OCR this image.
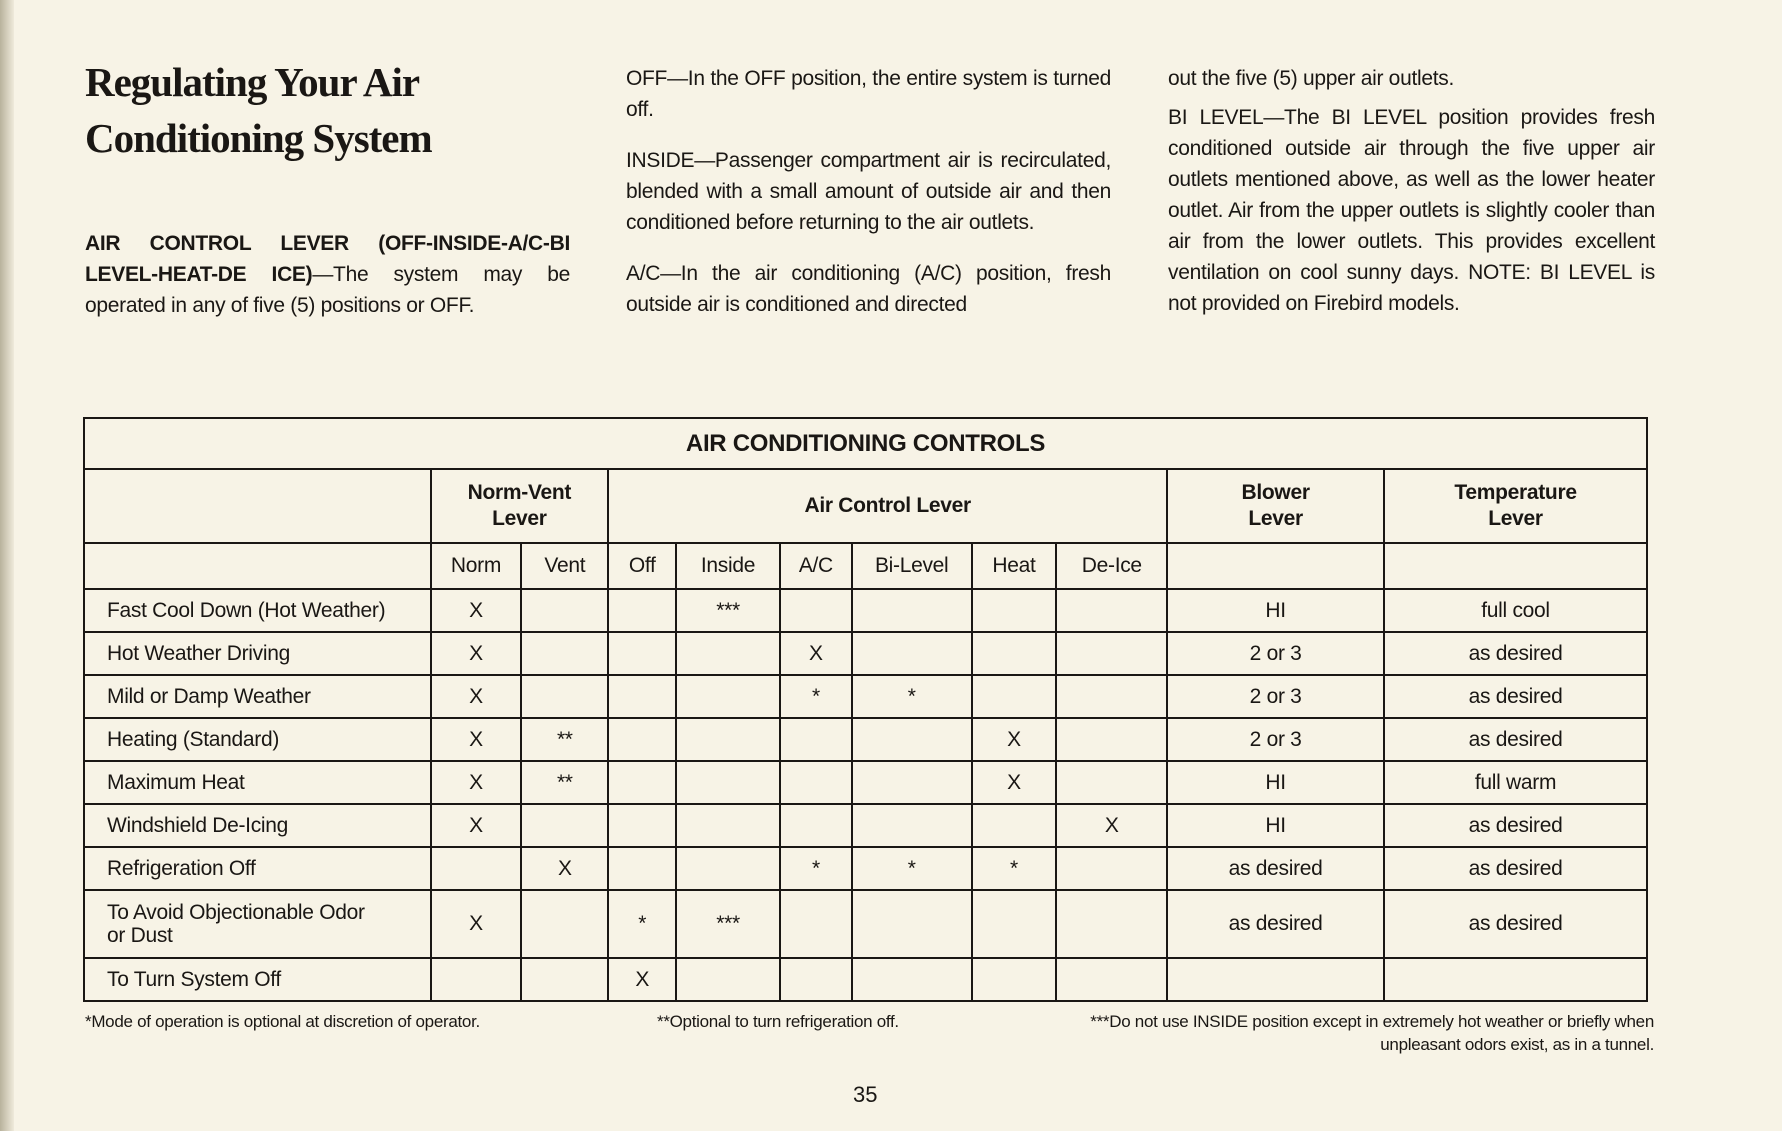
Regulating Your Air Conditioning System
AIR CONTROL LEVER (OFF-INSIDE-A/C-BI LEVEL-HEAT-DE ICE)—The system may be operated in any of five (5) positions or OFF.

OFF—In the OFF position, the entire system is turned off.

INSIDE—Passenger compartment air is recirculated, blended with a small amount of outside air and then conditioned before returning to the air outlets.

A/C—In the air conditioning (A/C) position, fresh outside air is conditioned and directed

out the five (5) upper air outlets.

BI LEVEL—The BI LEVEL position provides fresh conditioned outside air through the five upper air outlets mentioned above, as well as the lower heater outlet. Air from the upper outlets is slightly cooler than air from the lower outlets. This provides excellent ventilation on cool sunny days. NOTE: BI LEVEL is not provided on Firebird models.

AIR CONDITIONING CONTROLS										
	Norm-Vent Lever		Air Control Lever						Blower Lever	Temperature Lever
	Norm	Vent	Off	Inside	A/C	Bi-Level	Heat	De-Ice		
Fast Cool Down (Hot Weather)	X			***					HI	full cool
Hot Weather Driving	X				X				2 or 3	as desired
Mild or Damp Weather	X				*	*			2 or 3	as desired
Heating (Standard)	X	**					X		2 or 3	as desired
Maximum Heat	X	**					X		HI	full warm
Windshield De-Icing	X							X	HI	as desired
Refrigeration Off		X			*	*	*		as desired	as desired
To Avoid Objectionable Odor or Dust	X		*	***					as desired	as desired
To Turn System Off			X							
*Mode of operation is optional at discretion of operator.	**Optional to turn refrigeration off.	***Do not use INSIDE position except in extremely hot weather or briefly when unpleasant odors exist, as in a tunnel.
35
